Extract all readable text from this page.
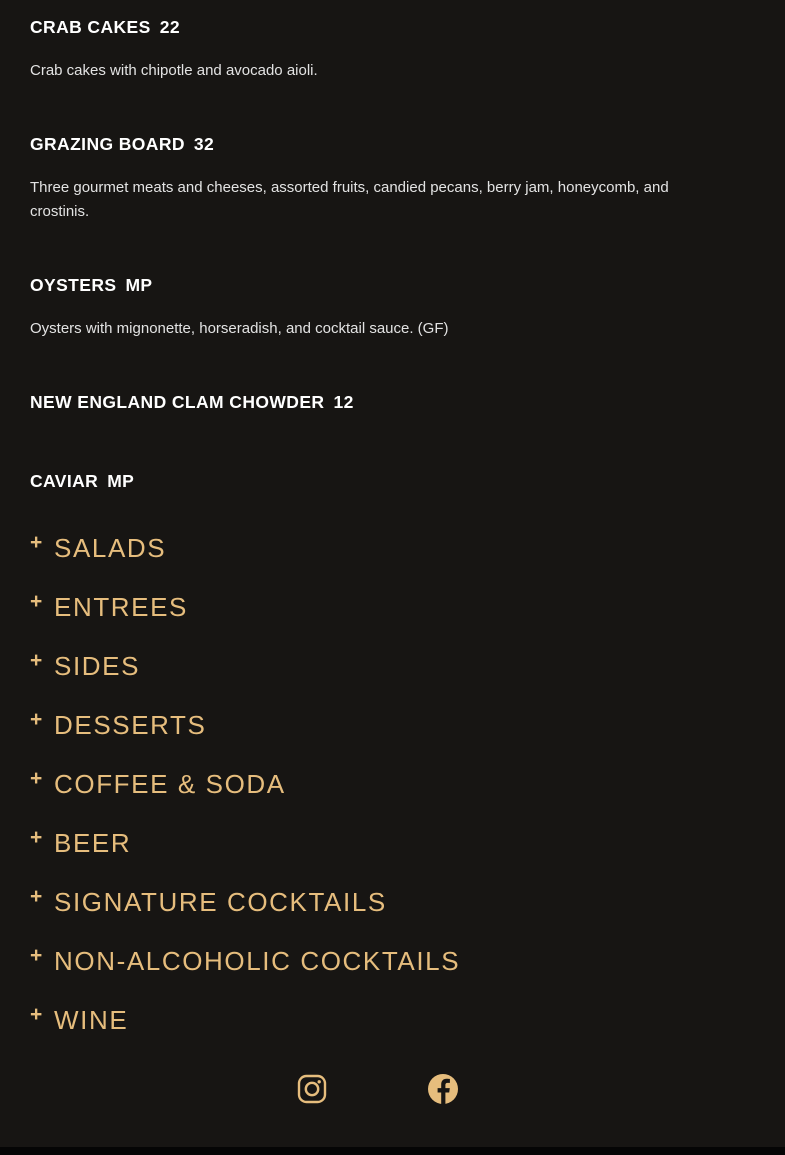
CRAB CAKES 22
Crab cakes with chipotle and avocado aioli.
GRAZING BOARD 32
Three gourmet meats and cheeses, assorted fruits, candied pecans, berry jam, honeycomb, and crostinis.
OYSTERS MP
Oysters with mignonette, horseradish, and cocktail sauce. (GF)
NEW ENGLAND CLAM CHOWDER 12
CAVIAR MP
+ SALADS
+ ENTREES
+ SIDES
+ DESSERTS
+ COFFEE & SODA
+ BEER
+ SIGNATURE COCKTAILS
+ NON-ALCOHOLIC COCKTAILS
+ WINE
